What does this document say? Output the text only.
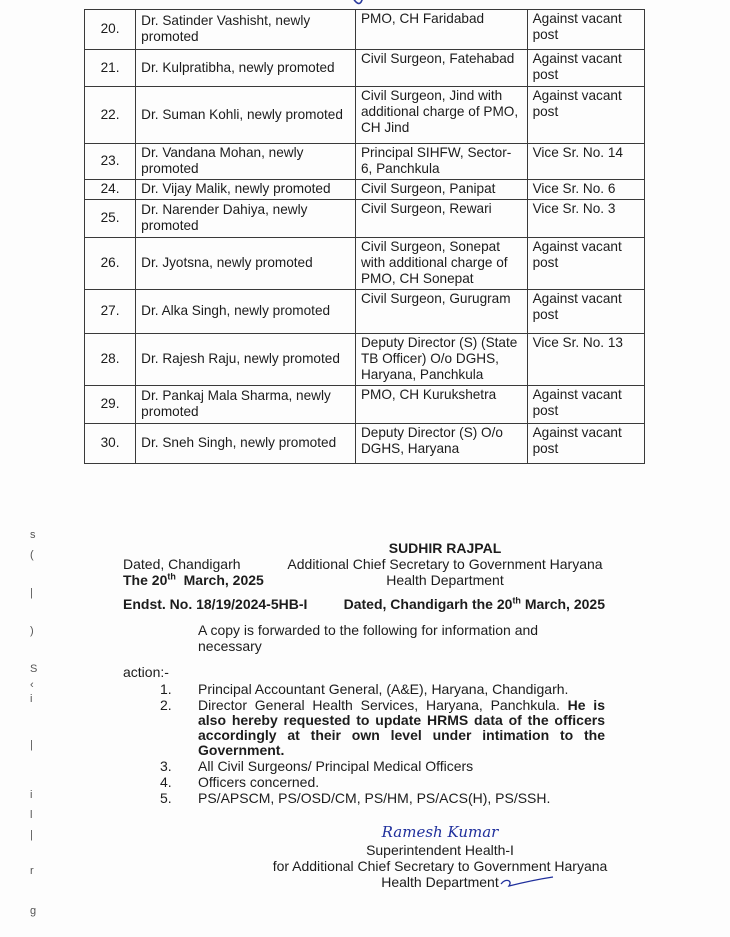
20.	Dr. Satinder Vashisht, newly promoted	PMO, CH Faridabad	Against vacant post
21.	Dr. Kulpratibha, newly promoted	Civil Surgeon, Fatehabad	Against vacant post
22.	Dr. Suman Kohli, newly promoted	Civil Surgeon, Jind with additional charge of PMO, CH Jind	Against vacant post
23.	Dr. Vandana Mohan, newly promoted	Principal SIHFW, Sector-6, Panchkula	Vice Sr. No. 14
24.	Dr. Vijay Malik, newly promoted	Civil Surgeon, Panipat	Vice Sr. No. 6
25.	Dr. Narender Dahiya, newly promoted	Civil Surgeon, Rewari	Vice Sr. No. 3
26.	Dr. Jyotsna, newly promoted	Civil Surgeon, Sonepat with additional charge of PMO, CH Sonepat	Against vacant post
27.	Dr. Alka Singh, newly promoted	Civil Surgeon, Gurugram	Against vacant post
28.	Dr. Rajesh Raju, newly promoted	Deputy Director (S) (State TB Officer) O/o DGHS, Haryana, Panchkula	Vice Sr. No. 13
29.	Dr. Pankaj Mala Sharma, newly promoted	PMO, CH Kurukshetra	Against vacant post
30.	Dr. Sneh Singh, newly promoted	Deputy Director (S) O/o DGHS, Haryana	Against vacant post
s
(
|
)
S
‹
i
|
i
l
|
r
g
Dated, Chandigarh
The 20th March, 2025
SUDHIR RAJPAL
Additional Chief Secretary to Government Haryana
Health Department
Endst. No. 18/19/2024-5HB-I	Dated, Chandigarh the 20th March, 2025
A copy is forwarded to the following for information and necessary
action:-
1.	Principal Accountant General, (A&E), Haryana, Chandigarh.
2.	Director General Health Services, Haryana, Panchkula. He is also hereby requested to update HRMS data of the officers accordingly at their own level under intimation to the Government.
3.	All Civil Surgeons/ Principal Medical Officers
4.	Officers concerned.
5.	PS/APSCM, PS/OSD/CM, PS/HM, PS/ACS(H), PS/SSH.
Ramesh Kumar
Superintendent Health-I
for Additional Chief Secretary to Government Haryana
Health Department
